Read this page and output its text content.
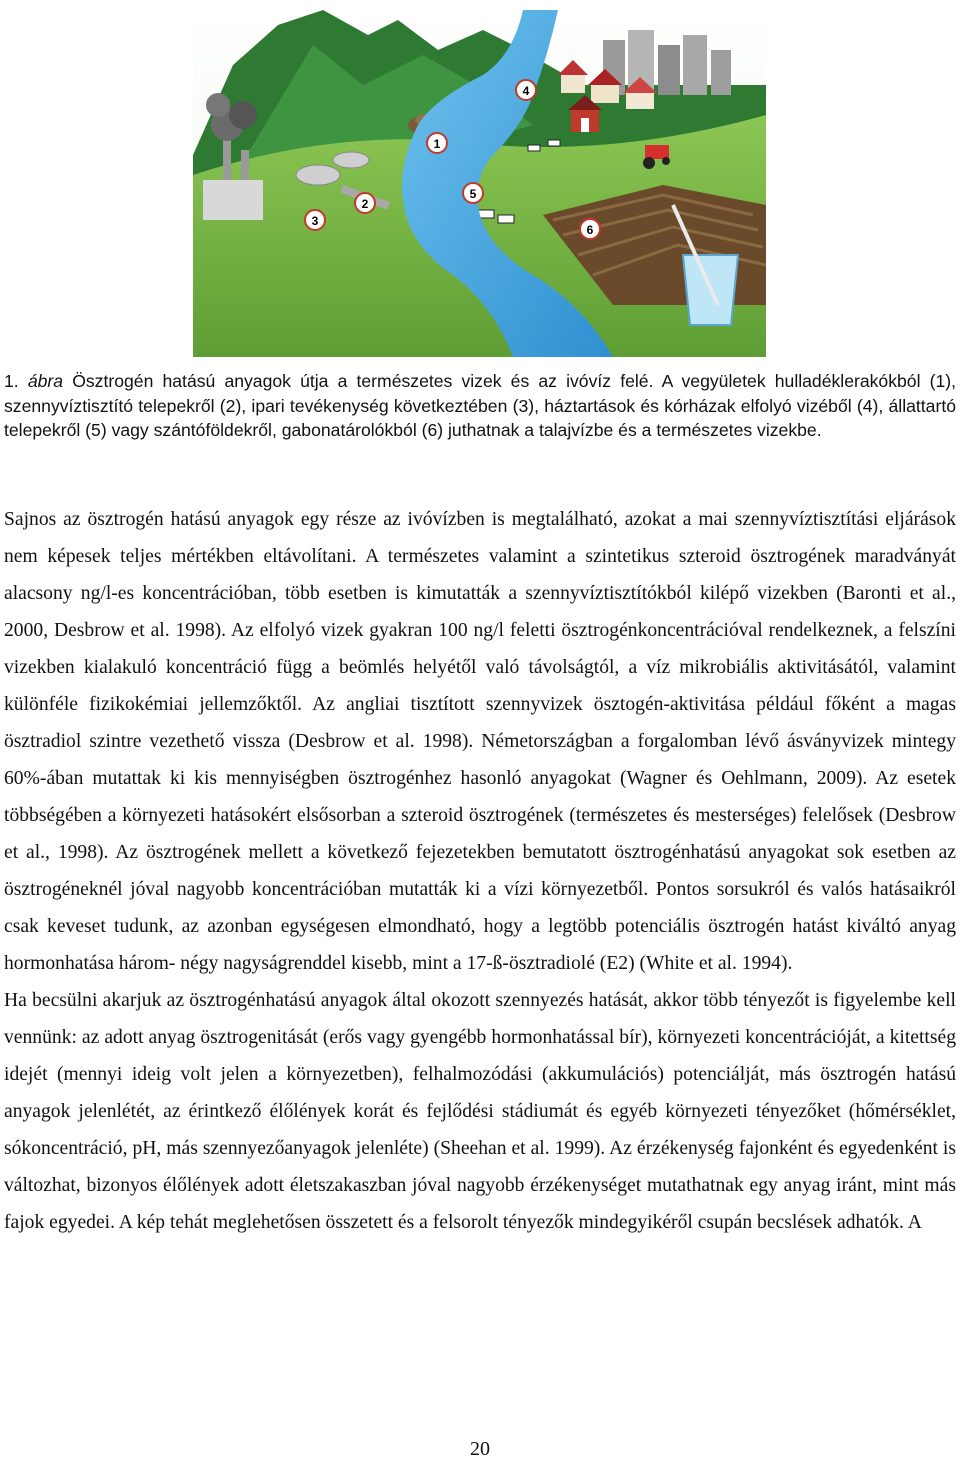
1
2
3
4
5
6
1. ábra Ösztrogén hatású anyagok útja a természetes vizek és az ivóvíz felé. A vegyületek hulladéklerakókból (1), szennyvíztisztító telepekről (2), ipari tevékenység következtében (3), háztartások és kórházak elfolyó vizéből (4), állattartó telepekről (5) vagy szántóföldekről, gabonatárolókból (6) juthatnak a talajvízbe és a természetes vizekbe.

Sajnos az ösztrogén hatású anyagok egy része az ivóvízben is megtalálható, azokat a mai szennyvíztisztítási eljárások nem képesek teljes mértékben eltávolítani. A természetes valamint a szintetikus szteroid ösztrogének maradványát alacsony ng/l-es koncentrációban, több esetben is kimutatták a szennyvíztisztítókból kilépő vizekben (Baronti et al., 2000, Desbrow et al. 1998). Az elfolyó vizek gyakran 100 ng/l feletti ösztrogénkoncentrációval rendelkeznek, a felszíni vizekben kialakuló koncentráció függ a beömlés helyétől való távolságtól, a víz mikrobiális aktivitásától, valamint különféle fizikokémiai jellemzőktől. Az angliai tisztított szennyvizek ösztogén-aktivitása például főként a magas ösztradiol szintre vezethető vissza (Desbrow et al. 1998). Németországban a forgalomban lévő ásványvizek mintegy 60%-ában mutattak ki kis mennyiségben ösztrogénhez hasonló anyagokat (Wagner és Oehlmann, 2009). Az esetek többségében a környezeti hatásokért elsősorban a szteroid ösztrogének (természetes és mesterséges) felelősek (Desbrow et al., 1998). Az ösztrogének mellett a következő fejezetekben bemutatott ösztrogénhatású anyagokat sok esetben az ösztrogéneknél jóval nagyobb koncentrációban mutatták ki a vízi környezetből. Pontos sorsukról és valós hatásaikról csak keveset tudunk, az azonban egységesen elmondható, hogy a legtöbb potenciális ösztrogén hatást kiváltó anyag hormonhatása három- négy nagyságrenddel kisebb, mint a 17-ß-ösztradiolé (E2) (White et al. 1994).

Ha becsülni akarjuk az ösztrogénhatású anyagok által okozott szennyezés hatását, akkor több tényezőt is figyelembe kell vennünk: az adott anyag ösztrogenitását (erős vagy gyengébb hormonhatással bír), környezeti koncentrációját, a kitettség idejét (mennyi ideig volt jelen a környezetben), felhalmozódási (akkumulációs) potenciálját, más ösztrogén hatású anyagok jelenlétét, az érintkező élőlények korát és fejlődési stádiumát és egyéb környezeti tényezőket (hőmérséklet, sókoncentráció, pH, más szennyezőanyagok jelenléte) (Sheehan et al. 1999). Az érzékenység fajonként és egyedenként is változhat, bizonyos élőlények adott életszakaszban jóval nagyobb érzékenységet mutathatnak egy anyag iránt, mint más fajok egyedei. A kép tehát meglehetősen összetett és a felsorolt tényezők mindegyikéről csupán becslések adhatók. A

20
